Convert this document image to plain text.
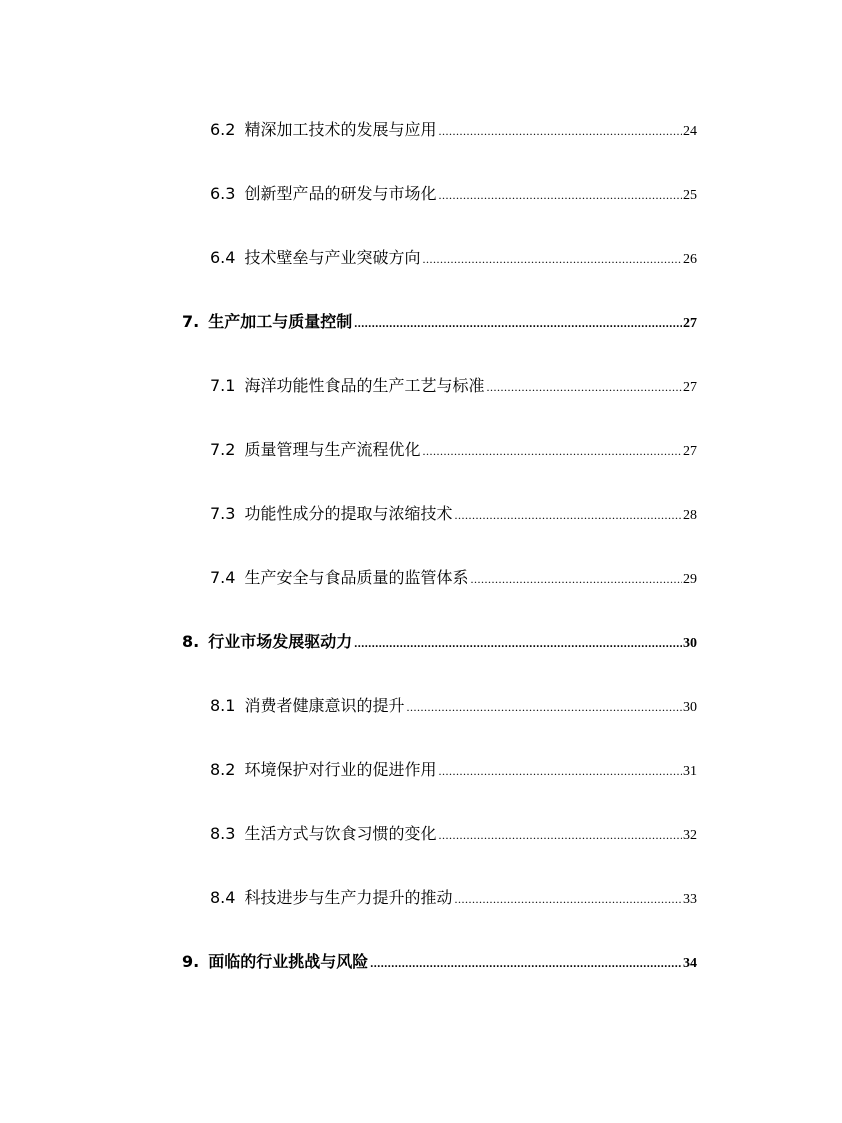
6.2 精深加工技术的发展与应用 .....	24
6.3 创新型产品的研发与市场化 .....	25
6.4 技术壁垒与产业突破方向 .....	26
7. 生产加工与质量控制 .....	27
7.1 海洋功能性食品的生产工艺与标准 .....	27
7.2 质量管理与生产流程优化 .....	27
7.3 功能性成分的提取与浓缩技术 .....	28
7.4 生产安全与食品质量的监管体系 .....	29
8. 行业市场发展驱动力 .....	30
8.1 消费者健康意识的提升 .....	30
8.2 环境保护对行业的促进作用 .....	31
8.3 生活方式与饮食习惯的变化 .....	32
8.4 科技进步与生产力提升的推动 .....	33
9. 面临的行业挑战与风险 .....	34
